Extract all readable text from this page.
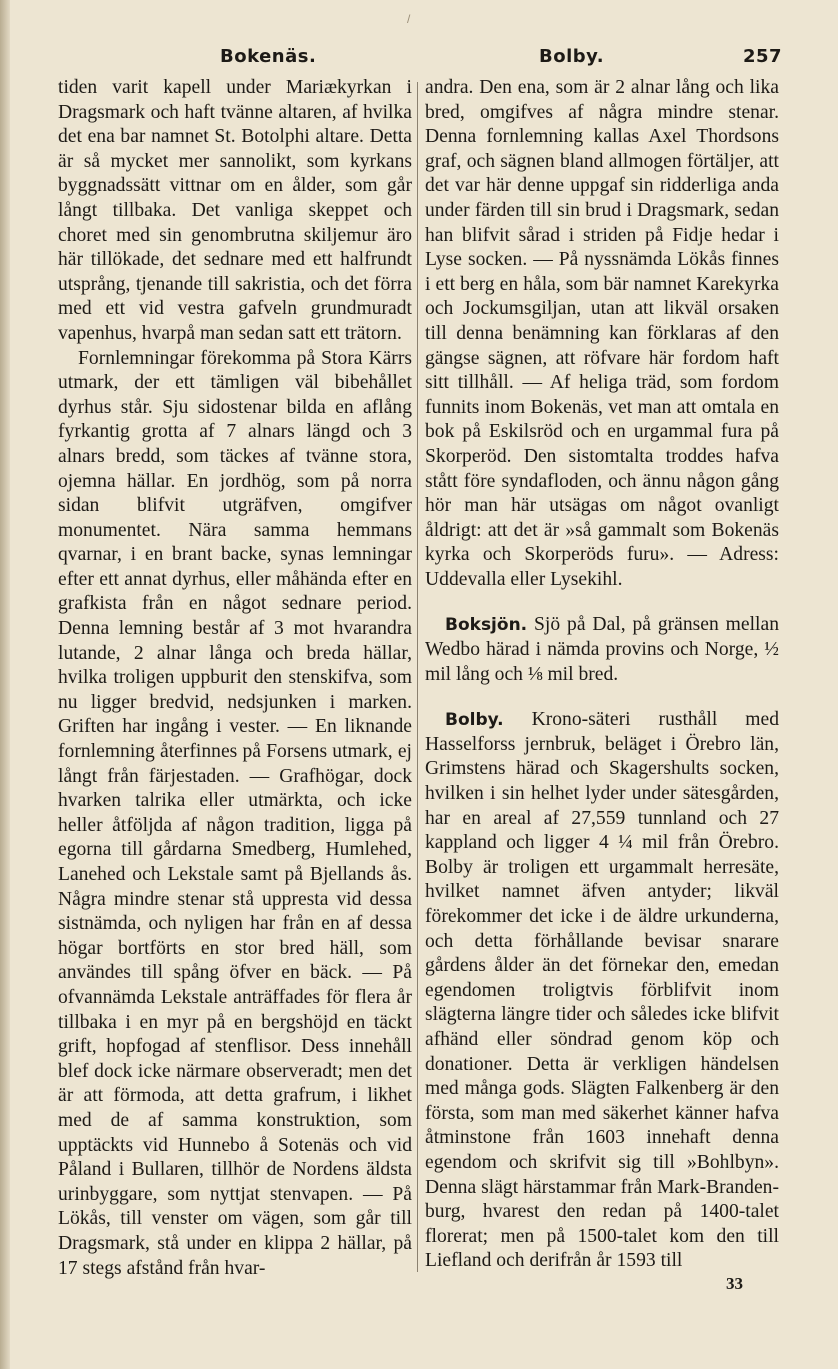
/
Bokenäs.	Bolby.	257

tiden varit kapell under Mariækyrkan i Dragsmark och haft tvänne altaren, af hvilka det ena bar namnet St. Botolphi altare. Detta är så mycket mer sannolikt, som kyrkans byggnadssätt vittnar om en ålder, som går långt tillbaka. Det vanliga skeppet och choret med sin genombrutna skiljemur äro här tillökade, det sednare med ett halfrundt utsprång, tjenande till sakristia, och det förra med ett vid vestra gafveln grundmuradt vapenhus, hvarpå man sedan satt ett trätorn.

Fornlemningar förekomma på Stora Kärrs utmark, der ett tämligen väl bibehållet dyrhus står. Sju sidostenar bilda en aflång fyrkantig grotta af 7 alnars längd och 3 alnars bredd, som täckes af tvänne stora, ojemna hällar. En jordhög, som på norra sidan blifvit utgräfven, omgifver monumentet. Nära samma hemmans qvarnar, i en brant backe, synas lemningar efter ett annat dyrhus, eller måhända efter en grafkista från en något sednare period. Denna lemning består af 3 mot hvarandra lutande, 2 alnar långa och breda hällar, hvilka troligen uppburit den stenskifva, som nu ligger bredvid, nedsjunken i marken. Griften har ingång i vester. — En liknande fornlemning återfinnes på Forsens utmark, ej långt från färjestaden. — Grafhögar, dock hvarken talrika eller utmärkta, och icke heller åtföljda af någon tradition, ligga på egorna till gårdarna Smedberg, Humlehed, Lanehed och Lekstale samt på Bjellands ås. Några mindre stenar stå uppresta vid dessa sistnämda, och nyligen har från en af dessa högar bortförts en stor bred häll, som användes till spång öfver en bäck. — På ofvannämda Lekstale anträffades för flera år tillbaka i en myr på en bergshöjd en täckt grift, hopfogad af stenflisor. Dess innehåll blef dock icke närmare observeradt; men det är att förmoda, att detta grafrum, i likhet med de af samma konstruktion, som upptäckts vid Hunnebo å Sotenäs och vid Påland i Bullaren, tillhör de Nordens äldsta urinbyggare, som nyttjat stenvapen. — På Lökås, till venster om vägen, som går till Dragsmark, stå under en klippa 2 hällar, på 17 stegs afstånd från hvar-

andra. Den ena, som är 2 alnar lång och lika bred, omgifves af några mindre stenar. Denna fornlemning kallas Axel Thordsons graf, och sägnen bland allmogen förtäljer, att det var här denne uppgaf sin ridderliga anda under färden till sin brud i Dragsmark, sedan han blifvit sårad i striden på Fidje hedar i Lyse socken. — På nyssnämda Lökås finnes i ett berg en håla, som bär namnet Karekyrka och Jockumsgiljan, utan att likväl orsaken till denna benämning kan förklaras af den gängse sägnen, att röfvare här fordom haft sitt tillhåll. — Af heliga träd, som fordom funnits inom Bokenäs, vet man att omtala en bok på Eskilsröd och en urgammal fura på Skorperöd. Den sistomtalta troddes hafva stått före syndafloden, och ännu någon gång hör man här utsägas om något ovanligt åldrigt: att det är »så gammalt som Bokenäs kyrka och Skorperöds furu». — Adress: Uddevalla eller Lysekihl.

Boksjön. Sjö på Dal, på gränsen mellan Wedbo härad i nämda provins och Norge, ½ mil lång och ⅛ mil bred.

Bolby. Krono-säteri rusthåll med Hasselforss jernbruk, beläget i Örebro län, Grimstens härad och Skagershults socken, hvilken i sin helhet lyder under sätesgården, har en areal af 27,559 tunnland och 27 kappland och ligger 4 ¼ mil från Örebro. Bolby är troligen ett urgammalt herresäte, hvilket namnet äfven antyder; likväl förekommer det icke i de äldre urkunderna, och detta förhållande bevisar snarare gårdens ålder än det förnekar den, emedan egendomen troligtvis förblifvit inom slägterna längre tider och således icke blifvit afhänd eller söndrad genom köp och donationer. Detta är verkligen händelsen med många gods. Slägten Falkenberg är den första, som man med säkerhet känner hafva åtminstone från 1603 innehaft denna egendom och skrifvit sig till »Bohlbyn». Denna slägt härstammar från Mark-Branden-burg, hvarest den redan på 1400-talet florerat; men på 1500-talet kom den till Liefland och derifrån år 1593 till

33
